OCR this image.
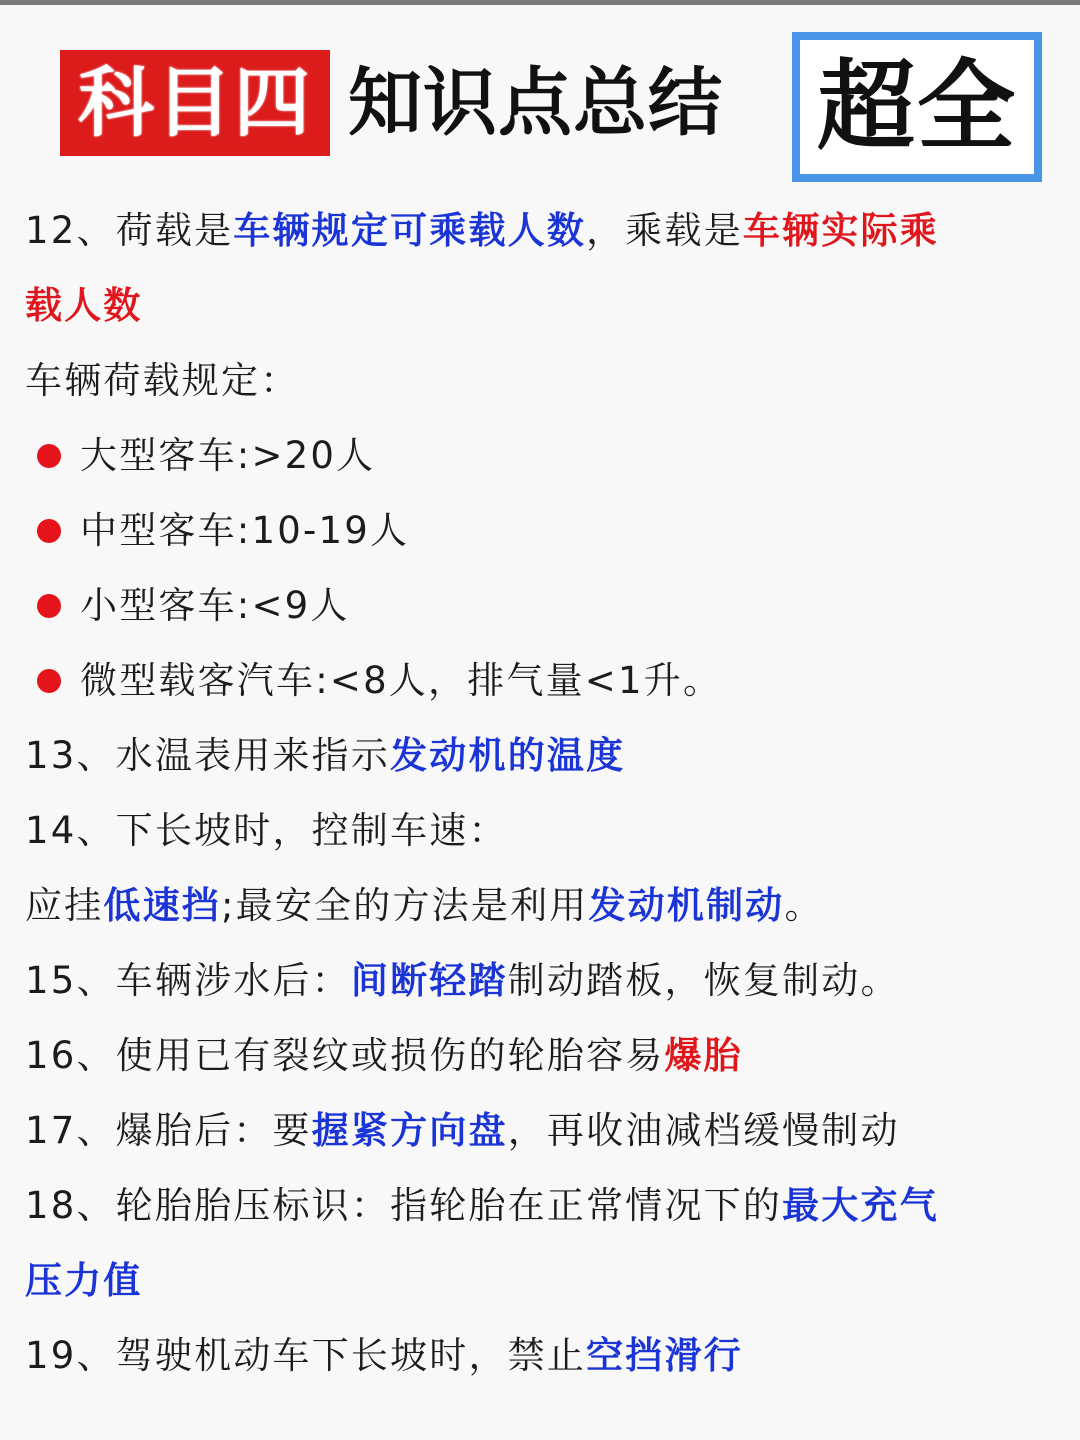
科目四 知识点总结 超全
12、荷载是车辆规定可乘载人数，乘载是车辆实际乘
载人数
车辆荷载规定：
大型客车:>20人
中型客车:10-19人
小型客车:<9人
微型载客汽车:<8人，排气量<1升。
13、水温表用来指示发动机的温度
14、下长坡时，控制车速：
应挂低速挡;最安全的方法是利用发动机制动。
15、车辆涉水后：间断轻踏制动踏板，恢复制动。
16、使用已有裂纹或损伤的轮胎容易爆胎
17、爆胎后：要握紧方向盘，再收油减档缓慢制动
18、轮胎胎压标识：指轮胎在正常情况下的最大充气
压力值
19、驾驶机动车下长坡时，禁止空挡滑行
